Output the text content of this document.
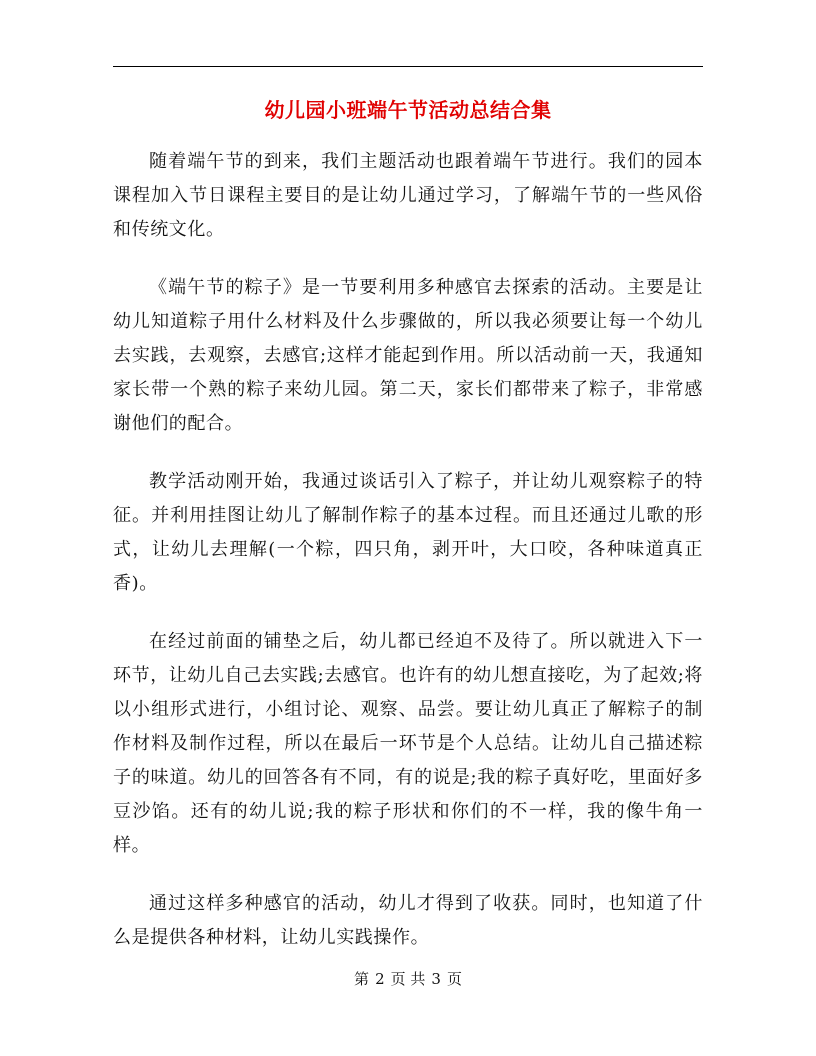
幼儿园小班端午节活动总结合集

随着端午节的到来，我们主题活动也跟着端午节进行。我们的园本课程加入节日课程主要目的是让幼儿通过学习，了解端午节的一些风俗和传统文化。

《端午节的粽子》是一节要利用多种感官去探索的活动。主要是让幼儿知道粽子用什么材料及什么步骤做的，所以我必须要让每一个幼儿去实践，去观察，去感官;这样才能起到作用。所以活动前一天，我通知家长带一个熟的粽子来幼儿园。第二天，家长们都带来了粽子，非常感谢他们的配合。

教学活动刚开始，我通过谈话引入了粽子，并让幼儿观察粽子的特征。并利用挂图让幼儿了解制作粽子的基本过程。而且还通过儿歌的形式，让幼儿去理解(一个粽，四只角，剥开叶，大口咬，各种味道真正香)。

在经过前面的铺垫之后，幼儿都已经迫不及待了。所以就进入下一环节，让幼儿自己去实践;去感官。也许有的幼儿想直接吃，为了起效;将以小组形式进行，小组讨论、观察、品尝。要让幼儿真正了解粽子的制作材料及制作过程，所以在最后一环节是个人总结。让幼儿自己描述粽子的味道。幼儿的回答各有不同，有的说是;我的粽子真好吃，里面好多豆沙馅。还有的幼儿说;我的粽子形状和你们的不一样，我的像牛角一样。

通过这样多种感官的活动，幼儿才得到了收获。同时，也知道了什么是提供各种材料，让幼儿实践操作。

第 2 页 共 3 页
